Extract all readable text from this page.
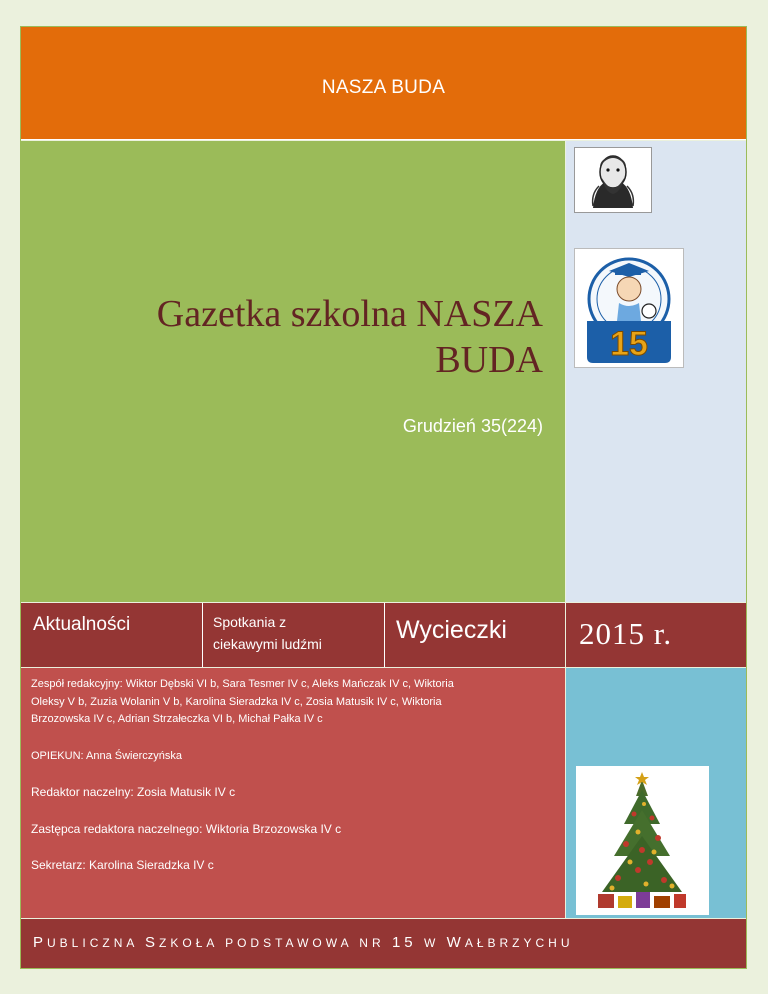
NASZA BUDA
Gazetka szkolna NASZA
BUDA
Grudzień 35(224)
15
Aktualności	Spotkania z
ciekawymi ludźmi	Wycieczki 2015 r.

Zespół redakcyjny: Wiktor Dębski VI b, Sara Tesmer IV c, Aleks Mańczak IV c, Wiktoria

Oleksy V b, Zuzia Wolanin V b, Karolina Sieradzka IV c, Zosia Matusik IV c, Wiktoria

Brzozowska IV c, Adrian Strzałeczka VI b, Michał Pałka IV c

OPIEKUN: Anna Świerczyńska

Redaktor naczelny: Zosia Matusik IV c

Zastępca redaktora naczelnego: Wiktoria Brzozowska IV c

Sekretarz: Karolina Sieradzka IV c

PUBLICZNA SZKOŁA PODSTAWOWA NR 15 W WAŁBRZYCHU
